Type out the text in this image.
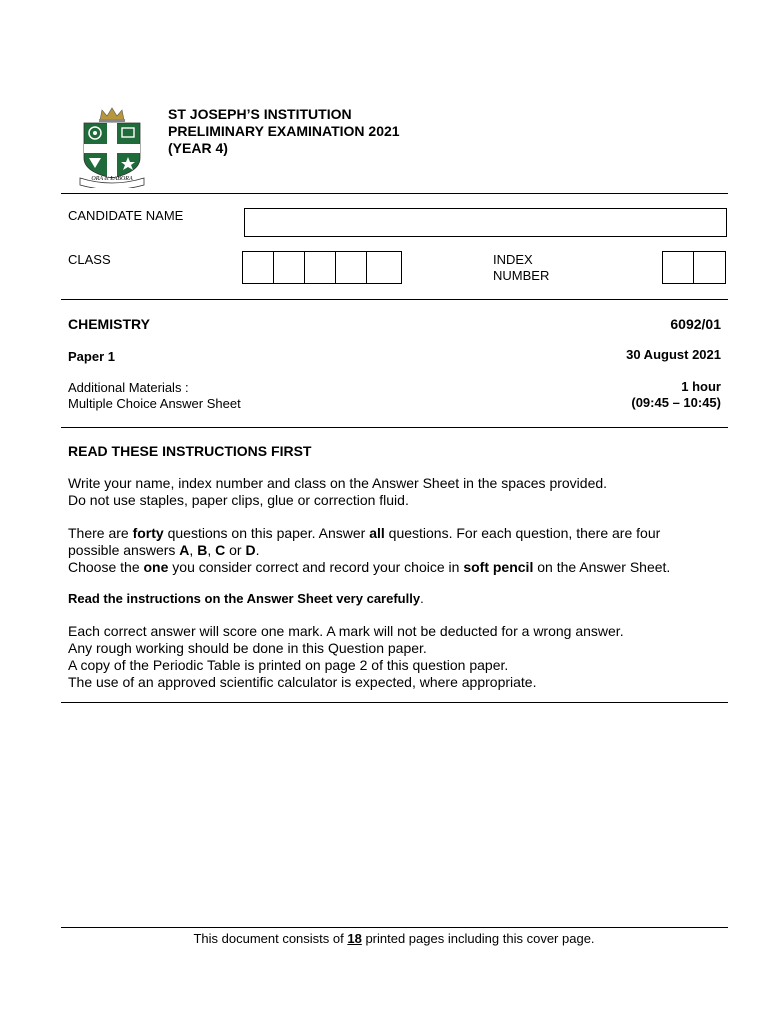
ORA et LABORA
ST JOSEPH’S INSTITUTION
PRELIMINARY EXAMINATION 2021
(YEAR 4)
CANDIDATE NAME
CLASS	INDEX
NUMBER
CHEMISTRY	6092/01
Paper 1	30 August 2021
Additional Materials :
Multiple Choice Answer Sheet
1 hour
(09:45 – 10:45)
READ THESE INSTRUCTIONS FIRST

Write your name, index number and class on the Answer Sheet in the spaces provided.

Do not use staples, paper clips, glue or correction fluid.

There are forty questions on this paper. Answer all questions. For each question, there are four

possible answers A, B, C or D.

Choose the one you consider correct and record your choice in soft pencil on the Answer Sheet.

Read the instructions on the Answer Sheet very carefully.

Each correct answer will score one mark. A mark will not be deducted for a wrong answer.

Any rough working should be done in this Question paper.

A copy of the Periodic Table is printed on page 2 of this question paper.

The use of an approved scientific calculator is expected, where appropriate.

This document consists of 18 printed pages including this cover page.
